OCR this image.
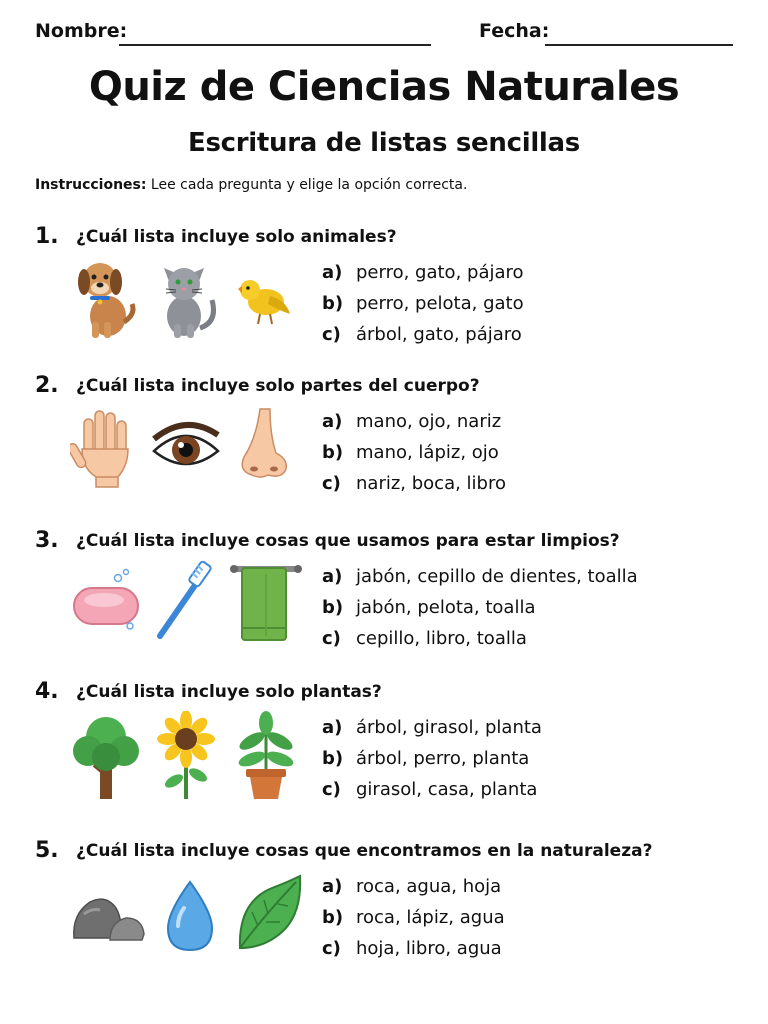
Nombre:	Fecha:
Quiz de Ciencias Naturales
Escritura de listas sencillas
Instrucciones: Lee cada pregunta y elige la opción correcta.
1. ¿Cuál lista incluye solo animales?
a) perro, gato, pájaro
b) perro, pelota, gato
c) árbol, gato, pájaro
2. ¿Cuál lista incluye solo partes del cuerpo?
a) mano, ojo, nariz
b) mano, lápiz, ojo
c) nariz, boca, libro
3. ¿Cuál lista incluye cosas que usamos para estar limpios?
a) jabón, cepillo de dientes, toalla
b) jabón, pelota, toalla
c) cepillo, libro, toalla
4. ¿Cuál lista incluye solo plantas?
a) árbol, girasol, planta
b) árbol, perro, planta
c) girasol, casa, planta
5. ¿Cuál lista incluye cosas que encontramos en la naturaleza?
a) roca, agua, hoja
b) roca, lápiz, agua
c) hoja, libro, agua
